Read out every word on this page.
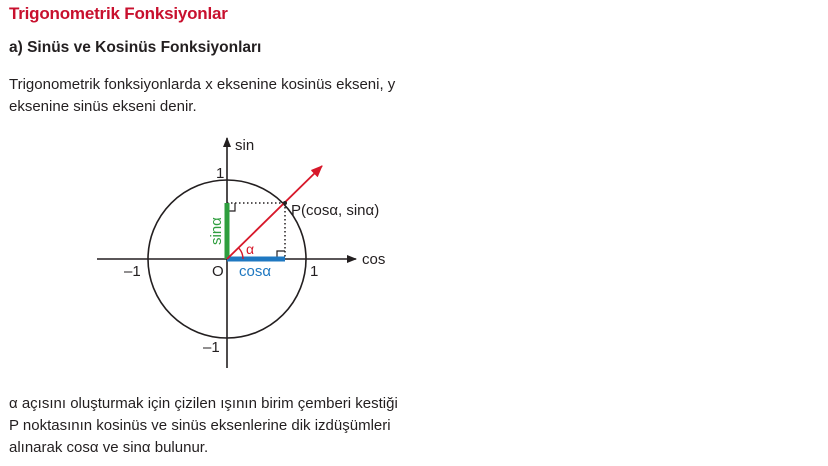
Trigonometrik Fonksiyonlar
a) Sinüs ve Kosinüs Fonksiyonları

Trigonometrik fonksiyonlarda x eksenine kosinüs ekseni, y
eksenine sinüs ekseni denir.

sin
cos
1
–1
1
–1	O
P(cosα, sinα)
α
cosα
sinα

α açısını oluşturmak için çizilen ışının birim çemberi kestiği
P noktasının kosinüs ve sinüs eksenlerine dik izdüşümleri
alınarak cosα ve sinα bulunur.
